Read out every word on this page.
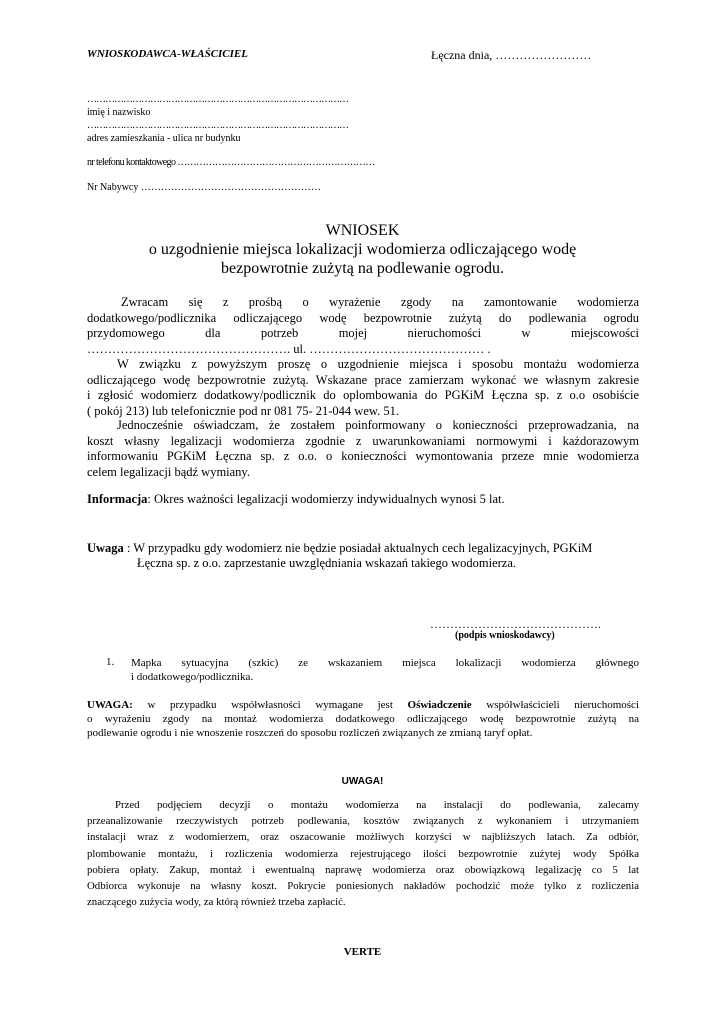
WNIOSKODAWCA-WŁAŚCICIEL	Łęczna dnia, ……………………
……………………………………………………………………………
imię i nazwisko
……………………………………………………………………………
adres zamieszkania - ulica nr budynku
nr telefonu kontaktowego ………………………………………………………
Nr Nabywcy ………………………………………………
WNIOSEK
o uzgodnienie miejsca lokalizacji wodomierza odliczającego wodę
bezpowrotnie zużytą na podlewanie ogrodu.
Zwracam się z prośbą o wyrażenie zgody na zamontowanie wodomierza
dodatkowego/podlicznika odliczającego wodę bezpowrotnie zużytą do podlewania ogrodu
przydomowego dla potrzeb mojej nieruchomości w miejscowości
…………………………………………. ul. …………………………………… .
W związku z powyższym proszę o uzgodnienie miejsca i sposobu montażu wodomierza
odliczającego wodę bezpowrotnie zużytą. Wskazane prace zamierzam wykonać we własnym zakresie
i zgłosić wodomierz dodatkowy/podlicznik do oplombowania do PGKiM Łęczna sp. z o.o osobiście
( pokój 213) lub telefonicznie pod nr 081 75- 21-044 wew. 51.
Jednocześnie oświadczam, że zostałem poinformowany o konieczności przeprowadzania, na
koszt własny legalizacji wodomierza zgodnie z uwarunkowaniami normowymi i każdorazowym
informowaniu PGKiM Łęczna sp. z o.o. o konieczności wymontowania przeze mnie wodomierza
celem legalizacji bądź wymiany.
Informacja: Okres ważności legalizacji wodomierzy indywidualnych wynosi 5 lat.
Uwaga : W przypadku gdy wodomierz nie będzie posiadał aktualnych cech legalizacyjnych, PGKiM
Łęczna sp. z o.o. zaprzestanie uwzględniania wskazań takiego wodomierza.
…………………………………….
(podpis wnioskodawcy)
1. Mapka sytuacyjna (szkic) ze wskazaniem miejsca lokalizacji wodomierza głównego
i dodatkowego/podlicznika.
UWAGA: w przypadku współwłasności wymagane jest Oświadczenie współwłaścicieli nieruchomości
o wyrażeniu zgody na montaż wodomierza dodatkowego odliczającego wodę bezpowrotnie zużytą na
podlewanie ogrodu i nie wnoszenie roszczeń do sposobu rozliczeń związanych ze zmianą taryf opłat.
UWAGA!
Przed podjęciem decyzji o montażu wodomierza na instalacji do podlewania, zalecamy
przeanalizowanie rzeczywistych potrzeb podlewania, kosztów związanych z wykonaniem i utrzymaniem
instalacji wraz z wodomierzem, oraz oszacowanie możliwych korzyści w najbliższych latach. Za odbiór,
plombowanie montażu, i rozliczenia wodomierza rejestrującego ilości bezpowrotnie zużytej wody Spółka
pobiera opłaty. Zakup, montaż i ewentualną naprawę wodomierza oraz obowiązkową legalizację co 5 lat
Odbiorca wykonuje na własny koszt. Pokrycie poniesionych nakładów pochodzić może tylko z rozliczenia
znaczącego zużycia wody, za którą również trzeba zapłacić.
VERTE
